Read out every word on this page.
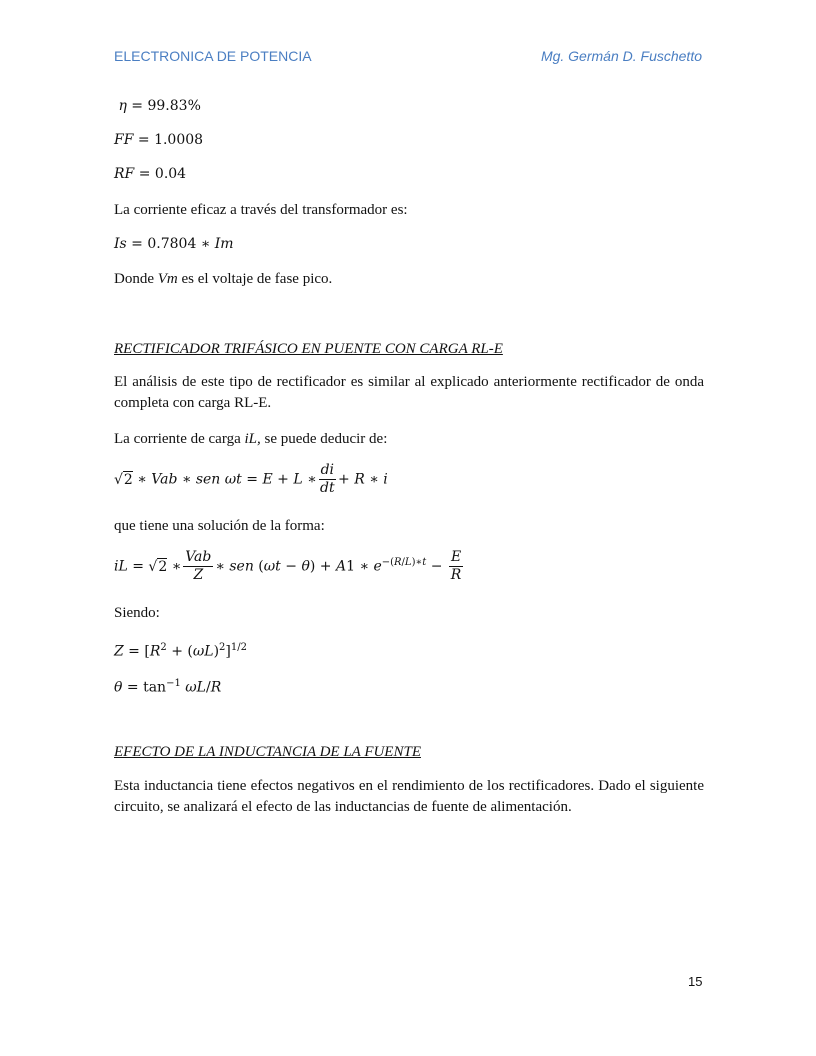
ELECTRONICA DE POTENCIA	Mg. Germán D. Fuschetto
η = 99.83%
FF = 1.0008
RF = 0.04
La corriente eficaz a través del transformador es:
Is = 0.7804 ∗ Im
Donde Vm es el voltaje de fase pico.
RECTIFICADOR TRIFÁSICO EN PUENTE CON CARGA RL-E
El análisis de este tipo de rectificador es similar al explicado anteriormente rectificador de onda completa con carga RL-E.
La corriente de carga iL, se puede deducir de:
√2 ∗ Vab ∗ sen ωt = E + L ∗ $\frac{di}{dt} + R$ ∗ i
que tiene una solución de la forma:
iL = √2 ∗ $\frac{\text{Vab}}{Z}$ ∗ sen (ωt − θ) + A1 ∗ $e^{-(R/L)∗t} - \frac{E}{R}$
Siendo:
$Z = [R^2 + (\omega L)^2]^{1/2}$
$\theta = \tan^{-1} \omega L/R$
EFECTO DE LA INDUCTANCIA DE LA FUENTE
Esta inductancia tiene efectos negativos en el rendimiento de los rectificadores. Dado el siguiente circuito, se analizará el efecto de las inductancias de fuente de alimentación.
15
